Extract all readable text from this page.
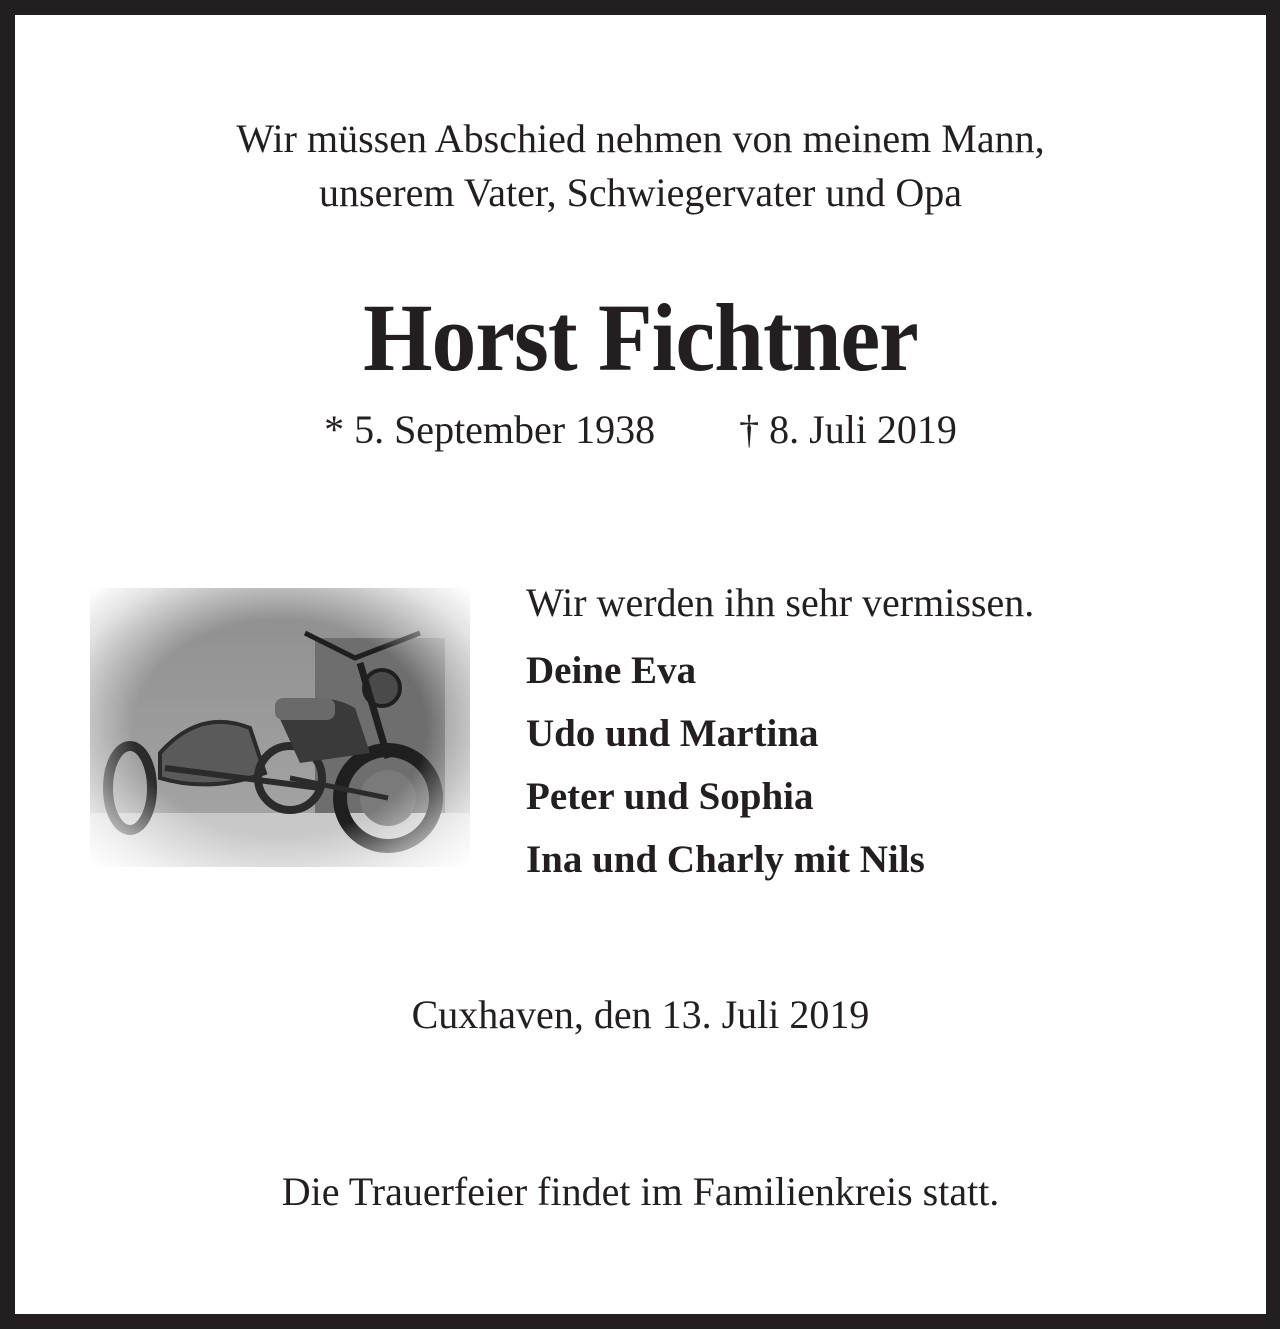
Wir müssen Abschied nehmen von meinem Mann,
unserem Vater, Schwiegervater und Opa
Horst Fichtner
* 5. September 1938 † 8. Juli 2019
Wir werden ihn sehr vermissen.
Deine Eva
Udo und Martina
Peter und Sophia
Ina und Charly mit Nils
Cuxhaven, den 13. Juli 2019
Die Trauerfeier findet im Familienkreis statt.
